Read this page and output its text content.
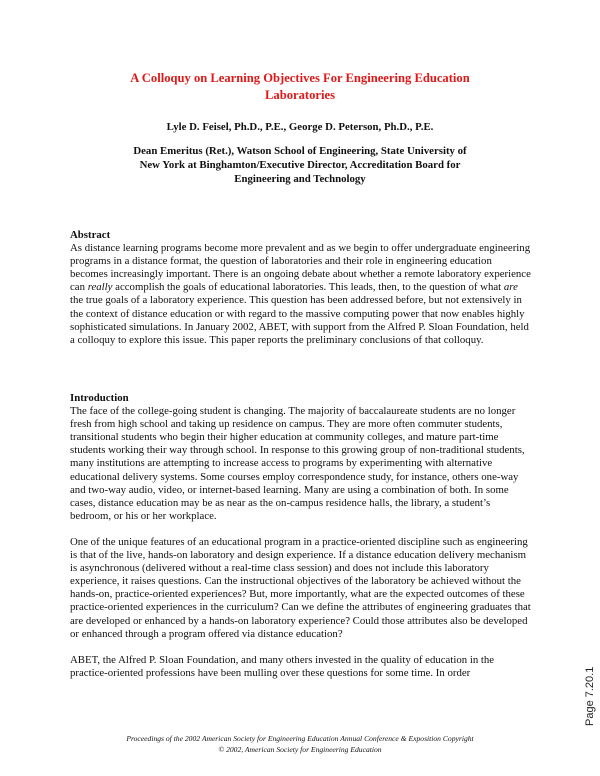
A Colloquy on Learning Objectives For Engineering Education
Laboratories
Lyle D. Feisel, Ph.D., P.E., George D. Peterson, Ph.D., P.E.
Dean Emeritus (Ret.), Watson School of Engineering, State University of
New York at Binghamton/Executive Director, Accreditation Board for
Engineering and Technology
Abstract
As distance learning programs become more prevalent and as we begin to offer undergraduate engineering programs in a distance format, the question of laboratories and their role in engineering education becomes increasingly important. There is an ongoing debate about whether a remote laboratory experience can really accomplish the goals of educational laboratories. This leads, then, to the question of what are the true goals of a laboratory experience. This question has been addressed before, but not extensively in the context of distance education or with regard to the massive computing power that now enables highly sophisticated simulations. In January 2002, ABET, with support from the Alfred P. Sloan Foundation, held a colloquy to explore this issue. This paper reports the preliminary conclusions of that colloquy.
Introduction
The face of the college-going student is changing. The majority of baccalaureate students are no longer fresh from high school and taking up residence on campus. They are more often commuter students, transitional students who begin their higher education at community colleges, and mature part-time students working their way through school. In response to this growing group of non-traditional students, many institutions are attempting to increase access to programs by experimenting with alternative educational delivery systems. Some courses employ correspondence study, for instance, others one-way and two-way audio, video, or internet-based learning. Many are using a combination of both. In some cases, distance education may be as near as the on-campus residence halls, the library, a student’s bedroom, or his or her workplace.
One of the unique features of an educational program in a practice-oriented discipline such as engineering is that of the live, hands-on laboratory and design experience. If a distance education delivery mechanism is asynchronous (delivered without a real-time class session) and does not include this laboratory experience, it raises questions. Can the instructional objectives of the laboratory be achieved without the hands-on, practice-oriented experiences? But, more importantly, what are the expected outcomes of these practice-oriented experiences in the curriculum? Can we define the attributes of engineering graduates that are developed or enhanced by a hands-on laboratory experience? Could those attributes also be developed or enhanced through a program offered via distance education?
ABET, the Alfred P. Sloan Foundation, and many others invested in the quality of education in the practice-oriented professions have been mulling over these questions for some time. In order
Proceedings of the 2002 American Society for Engineering Education Annual Conference & Exposition Copyright
© 2002, American Society for Engineering Education
Page 7.20.1
